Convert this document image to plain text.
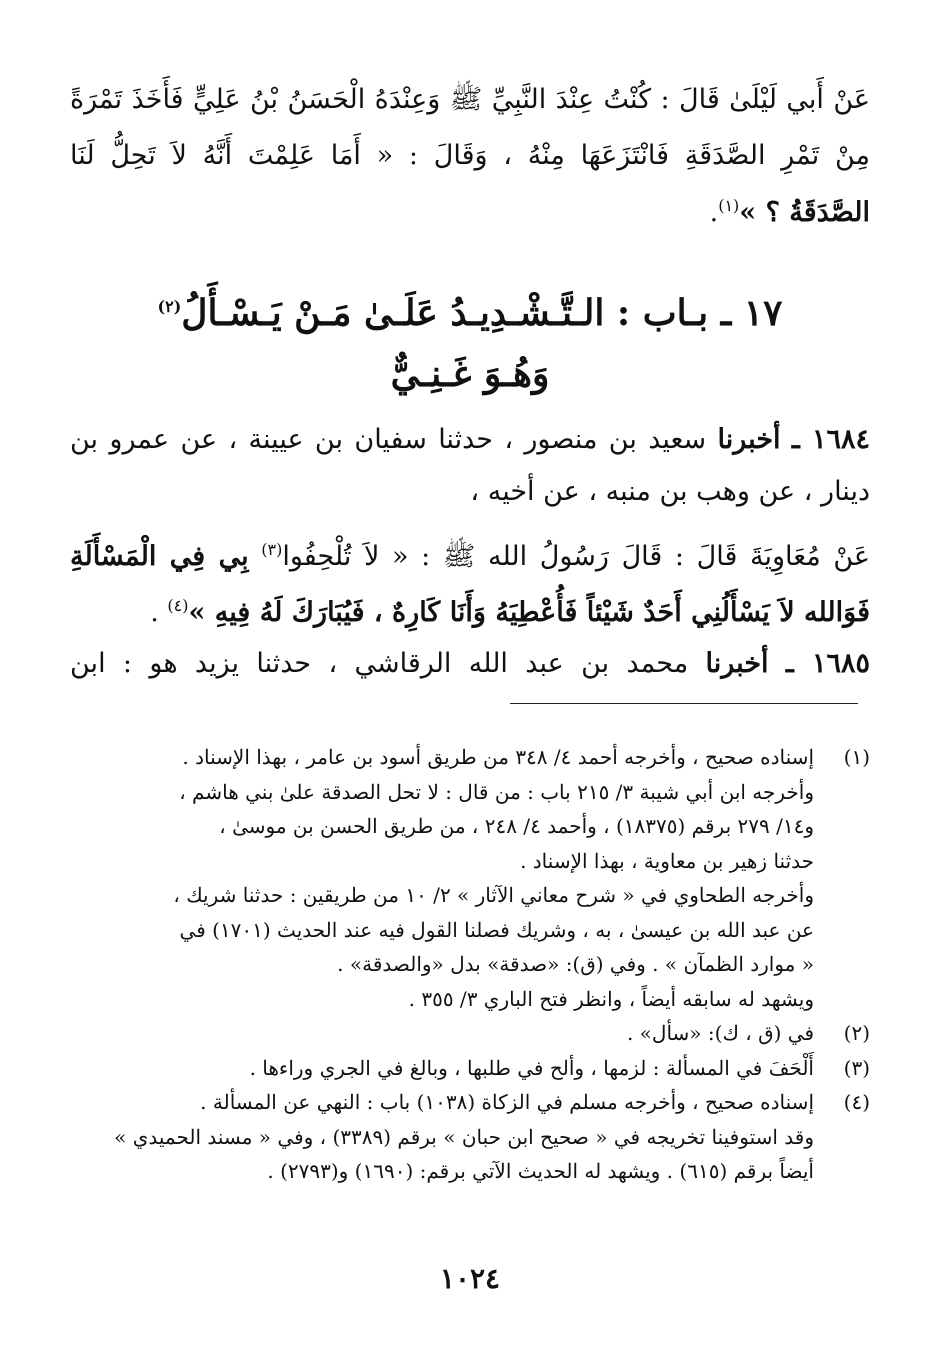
عَنْ أَبي لَيْلَىٰ قَالَ : كُنْتُ عِنْدَ النَّبِيِّ ﷺ وَعِنْدَهُ الْحَسَنُ بْنُ عَلِيٍّ فَأَخَذَ تَمْرَةً
مِنْ تَمْرِ الصَّدَقَةِ فَانْتَزَعَهَا مِنْهُ ، وَقَالَ : « أَمَا عَلِمْتَ أَنَّهُ لاَ تَحِلُّ لَنَا
الصَّدَقَةُ ؟ »$^{(١)}$.
١٧ ـ بـاب : الـتَّـشْـدِيـدُ عَلَـىٰ مَـنْ يَـسْـأَلُ$^{(٢)}$
وَهُـوَ غَـنِـيٌّ
١٦٨٤ ـ أخبرنا سعيد بن منصور ، حدثنا سفيان بن عيينة ، عن عمرو بن
دينار ، عن وهب بن منبه ، عن أخيه ،
عَنْ مُعَاوِيَةَ قَالَ : قَالَ رَسُولُ الله ﷺ : « لاَ تُلْحِفُوا$^{(٣)}$ بِي فِي الْمَسْأَلَةِ
فَوَالله لاَ يَسْأَلُنِي أَحَدٌ شَيْئاً فَأُعْطِيَهُ وَأَنَا كَارِهٌ ، فَيُبَارَكَ لَهُ فِيهِ »$^{(٤)}$ .
١٦٨٥ ـ أخبرنا محمد بن عبد الله الرقاشي ، حدثنا يزيد هو : ابن
(١)
إسناده صحيح ، وأخرجه أحمد ٤/ ٣٤٨ من طريق أسود بن عامر ، بهذا الإسناد .
وأخرجه ابن أبي شيبة ٣/ ٢١٥ باب : من قال : لا تحل الصدقة علىٰ بني هاشم ،
و١٤/ ٢٧٩ برقم (١٨٣٧٥) ، وأحمد ٤/ ٢٤٨ ، من طريق الحسن بن موسىٰ ،
حدثنا زهير بن معاوية ، بهذا الإسناد .
وأخرجه الطحاوي في « شرح معاني الآثار » ٢/ ١٠ من طريقين : حدثنا شريك ،
عن عبد الله بن عيسىٰ ، به ، وشريك فصلنا القول فيه عند الحديث (١٧٠١) في
« موارد الظمآن » . وفي (ق): «صدقة» بدل «والصدقة» .
ويشهد له سابقه أيضاً ، وانظر فتح الباري ٣/ ٣٥٥ .
(٢)
في (ق ، ك): «سأل» .
(٣)
أَلْحَفَ في المسألة : لزمها ، وألح في طلبها ، وبالغ في الجري وراءها .
(٤)
إسناده صحيح ، وأخرجه مسلم في الزكاة (١٠٣٨) باب : النهي عن المسألة .
وقد استوفينا تخريجه في « صحيح ابن حبان » برقم (٣٣٨٩) ، وفي « مسند الحميدي »
أيضاً برقم (٦١٥) . ويشهد له الحديث الآتي برقم: (١٦٩٠) و(٢٧٩٣) .
١٠٢٤
